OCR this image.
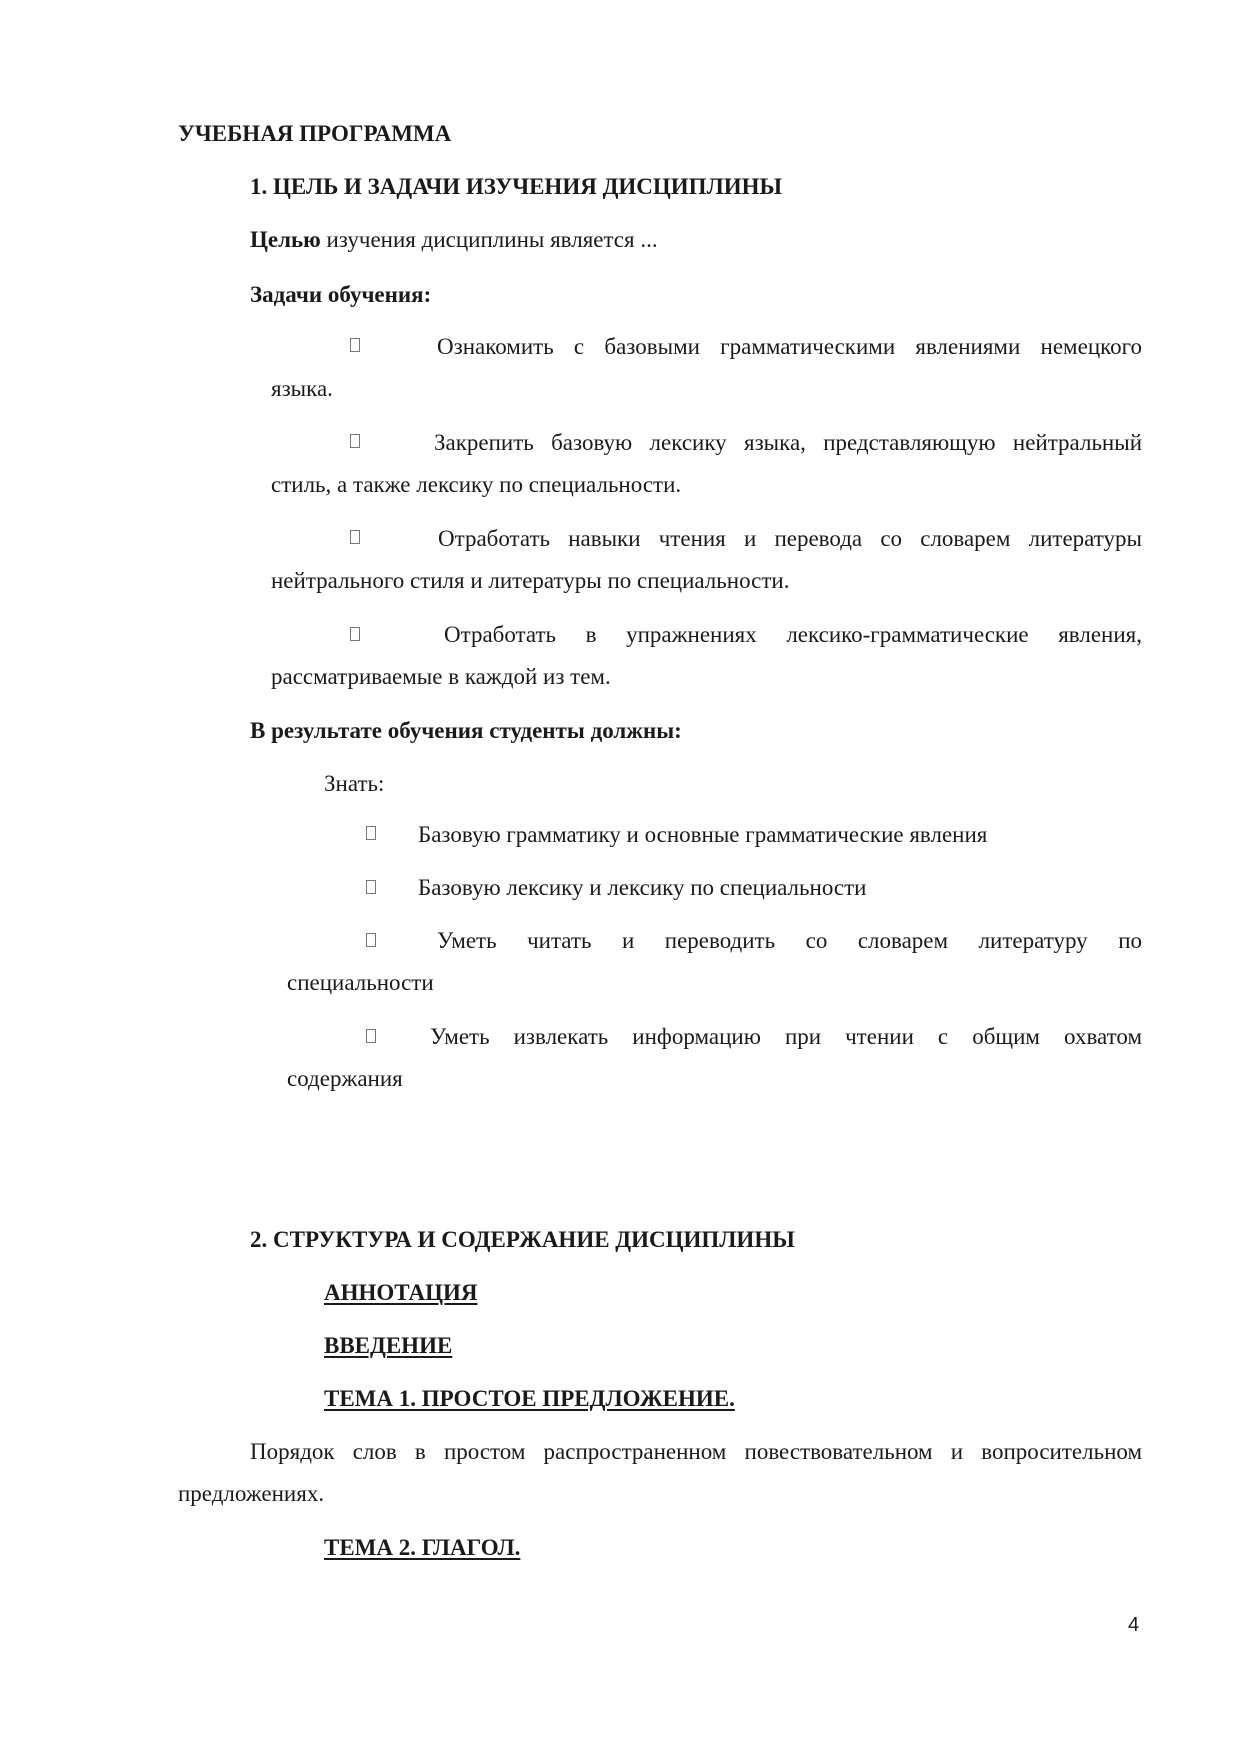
УЧЕБНАЯ ПРОГРАММА
1. ЦЕЛЬ И ЗАДАЧИ ИЗУЧЕНИЯ ДИСЦИПЛИНЫ
Целью изучения дисциплины является ...
Задачи обучения:
Ознакомить с базовыми грамматическими явлениями немецкого
языка.
Закрепить базовую лексику языка, представляющую нейтральный
стиль, а также лексику по специальности.
Отработать навыки чтения и перевода со словарем литературы
нейтрального стиля и литературы по специальности.
Отработать в упражнениях лексико-грамматические явления,
рассматриваемые в каждой из тем.
В результате обучения студенты должны:
Знать:
Базовую грамматику и основные грамматические явления
Базовую лексику и лексику по специальности
Уметь читать и переводить со словарем литературу по
специальности
Уметь извлекать информацию при чтении с общим охватом
содержания
2. СТРУКТУРА И СОДЕРЖАНИЕ ДИСЦИПЛИНЫ
АННОТАЦИЯ
ВВЕДЕНИЕ
ТЕМА 1. ПРОСТОЕ ПРЕДЛОЖЕНИЕ.
Порядок слов в простом распространенном повествовательном и вопросительном
предложениях.
ТЕМА 2. ГЛАГОЛ.
4
